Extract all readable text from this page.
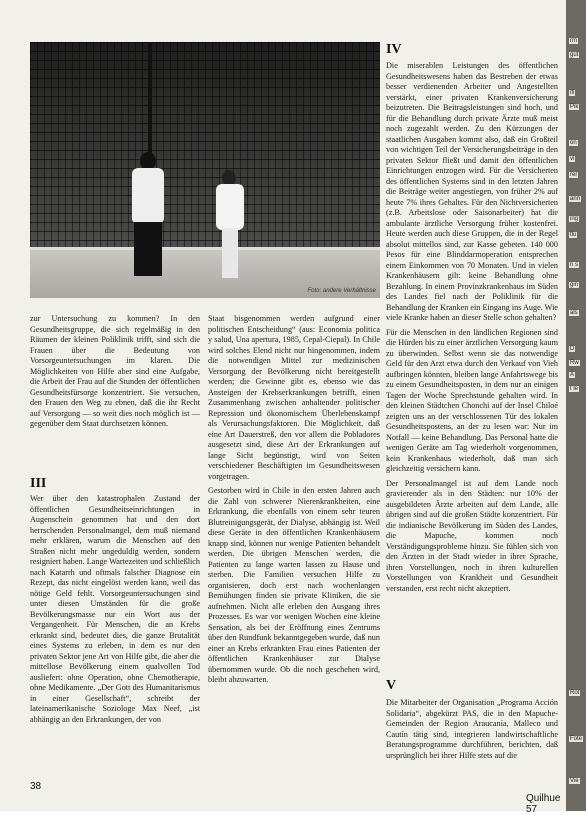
Foto: andere Verhältnisse

zur Untersuchung zu kommen? In den Gesundheitsgruppe, die sich regelmäßig in den Räumen der kleinen Poliklinik trifft, sind sich die Frauen über die Bedeutung von Vorsorgeuntersuchungen im klaren. Die Möglichkeiten von Hilfe aber sind eine Aufgabe, die Arbeit der Frau auf die Stunden der öffentlichen Gesundheitsfürsorge konzentriert. Sie versuchen, den Frauen den Weg zu ebnen, daß die ihr Recht auf Versorgung — so weit dies noch möglich ist — gegenüber dem Staat durchsetzen können.

III

Wer über den katastrophalen Zustand der öffentlichen Gesundheitseinrichtungen in Augenschein genommen hat und den dort herrschenden Personalmangel, dem muß niemand mehr erklären, warum die Menschen auf den Straßen nicht mehr ungeduldig werden, sondern resigniert haben. Lange Wartezeiten und schließlich nach Katarrh und oftmals falscher Diagnose ein Rezept, das nicht eingelöst werden kann, weil das nötige Geld fehlt. Vorsorgeuntersuchungen sind unter diesen Umständen für die große Bevölkerungsmasse nur ein Wort aus der Vergangenheit. Für Menschen, die an Krebs erkrankt sind, bedeutet dies, die ganze Brutalität eines Systems zu erleben, in dem es nur den privaten Sektor jene Art von Hilfe gibt, die aber die mittellose Bevölkerung einem qualvollen Tod ausliefert: ohne Operation, ohne Chemotherapie, ohne Medikamente. „Der Gott des Humanitarismus in einer Gesellschaft“, schreibt der lateinamerikanische Soziologe Max Neef, „ist abhängig an den Erkrankungen, der von

Staat bisgenommen werden aufgrund einer politischen Entscheidung“ (aus: Economia politica y salud, Una apertura, 1985, Cepal-Ciepal). In Chile wird solches Elend nicht nur hingenommen, indem die notwendigen Mittel zur medizinischen Versorgung der Bevölkerung nicht bereitgestellt werden; die Gewinne gibt es, ebenso wie das Ansteigen der Krebserkrankungen betrifft, einen Zusammenhang zwischen anhaltender politischer Repression und ökonomischem Überlebenskampf als Verursachungsfaktoren. Die Möglichkeit, daß eine Art Dauerstreß, den vor allem die Pobladores ausgesetzt sind, diese Art der Erkrankungen auf lange Sicht begünstigt, wird von Seiten verschiedener Beschäftigten im Gesundheitswesen vorgetragen.

Gestorben wird in Chile in den ersten Jahren auch die Zahl von schwerer Nierenkrankheiten, eine Erkrankung, die ebenfalls von einem sehr teuren Blutreinigungsgerät, der Dialyse, abhängig ist. Weil diese Geräte in den öffentlichen Krankenhäusern knapp sind, können nur wenige Patienten behandelt werden. Die übrigen Menschen werden, die Patienten zu lange warten lassen zu Hause und sterben. Die Familien versuchen Hilfe zu organisieren, doch erst nach wochenlangen Bemühungen finden sie private Kliniken, die sie aufnehmen. Nicht alle erleben den Ausgang ihres Prozesses. Es war vor wenigen Wochen eine kleine Sensation, als bei der Eröffnung eines Zentrums über den Rundfunk bekanntgegeben wurde, daß nun einer an Krebs erkrankten Frau eines Patienten der öffentlichen Krankenhäuser zur Dialyse übernommen wurde. Ob die noch geschehen wird, bleibt abzuwarten.

IV

Die miserablen Leistungen des öffentlichen Gesundheitswesens haben das Bestreben der etwas besser verdienenden Arbeiter und Angestellten verstärkt, einer privaten Krankenversicherung beizutreten. Die Beitragsleistungen sind hoch, und für die Behandlung durch private Ärzte muß meist noch zugezahlt werden. Zu den Kürzungen der staatlichen Ausgaben kommt also, daß ein Großteil von wichtigen Teil der Versicherungsbeiträge in den privaten Sektor fließt und damit den öffentlichen Einrichtungen entzogen wird. Für die Versicherten des öffentlichen Systems sind in den letzten Jahren die Beiträge weiter angestiegen, von früher 2% auf heute 7% ihres Gehaltes. Für den Nichtversicherten (z.B. Arbeitslose oder Saisonarbeiter) hat die ambulante ärztliche Versorgung früher kostenfrei. Heute werden auch diese Gruppen, die in der Regel absolut mittellos sind, zur Kasse gebeten. 140 000 Pesos für eine Blinddarmoperation entsprechen einem Einkommen von 70 Monaten. Und in vielen Krankenhäusern gilt: keine Behandlung ohne Bezahlung. In einem Provinzkrankenhaus im Süden des Landes fiel nach der Poliklinik für die Behandlung der Kranken ein Eingang ins Auge. Wie viele Kranke haben an dieser Stelle schon gehalten?

Für die Menschen in den ländlichen Regionen sind die Hürden bis zu einer ärztlichen Versorgung kaum zu überwinden. Selbst wenn sie das notwendige Geld für den Arzt etwa durch den Verkauf von Vieh aufbringen könnten, bleiben lange Anfahrtswege bis zu einem Gesundheitsposten, in dem nur an einigen Tagen der Woche Sprechstunde gehalten wird. In den kleinen Städtchen Chonchi auf der Insel Chiloé zeigten uns an der verschlossenen Tür des lokalen Gesundheitspostens, an der zu lesen war: Nur im Notfall — keine Behandlung. Das Personal hatte die wenigen Geräte am Tag wiederholt vorgenommen, kein Krankenhaus wiederholt, daß man sich gleichzeitig versichern kann.

Der Personalmangel ist auf dem Lande noch gravierender als in den Städten: nur 10% der ausgebildeten Ärzte arbeiten auf dem Lande, alle übrigen sind auf die großen Städte konzentriert. Für die indianische Bevölkerung im Süden des Landes, die Mapuche, kommen noch Verständigungsprobleme hinzu. Sie fühlen sich von den Ärzten in der Stadt wieder in ihrer Sprache, ihren Vorstellungen, noch in ihren kulturellen Vorstellungen von Krankheit und Gesundheit verstanden, erst recht nicht akzeptiert.

V

Die Mitarbeiter der Organisation „Programa Acción Solidaria“, abgekürzt PAS, die in den Mapuche-Gemeinden der Region Araucanía, Malleco und Cautín tätig sind, integrieren landwirtschaftliche Beratungsprogramme durchführen, berichten, daß ursprünglich bei ihrer Hilfe stets auf die

38
Quilhue 57
rm
gut
ifi
Pik
on
vi
rer
ann
ing
tlu
n s
gin
als
D
Rw
A
t le
Rot
Fote
Vie
